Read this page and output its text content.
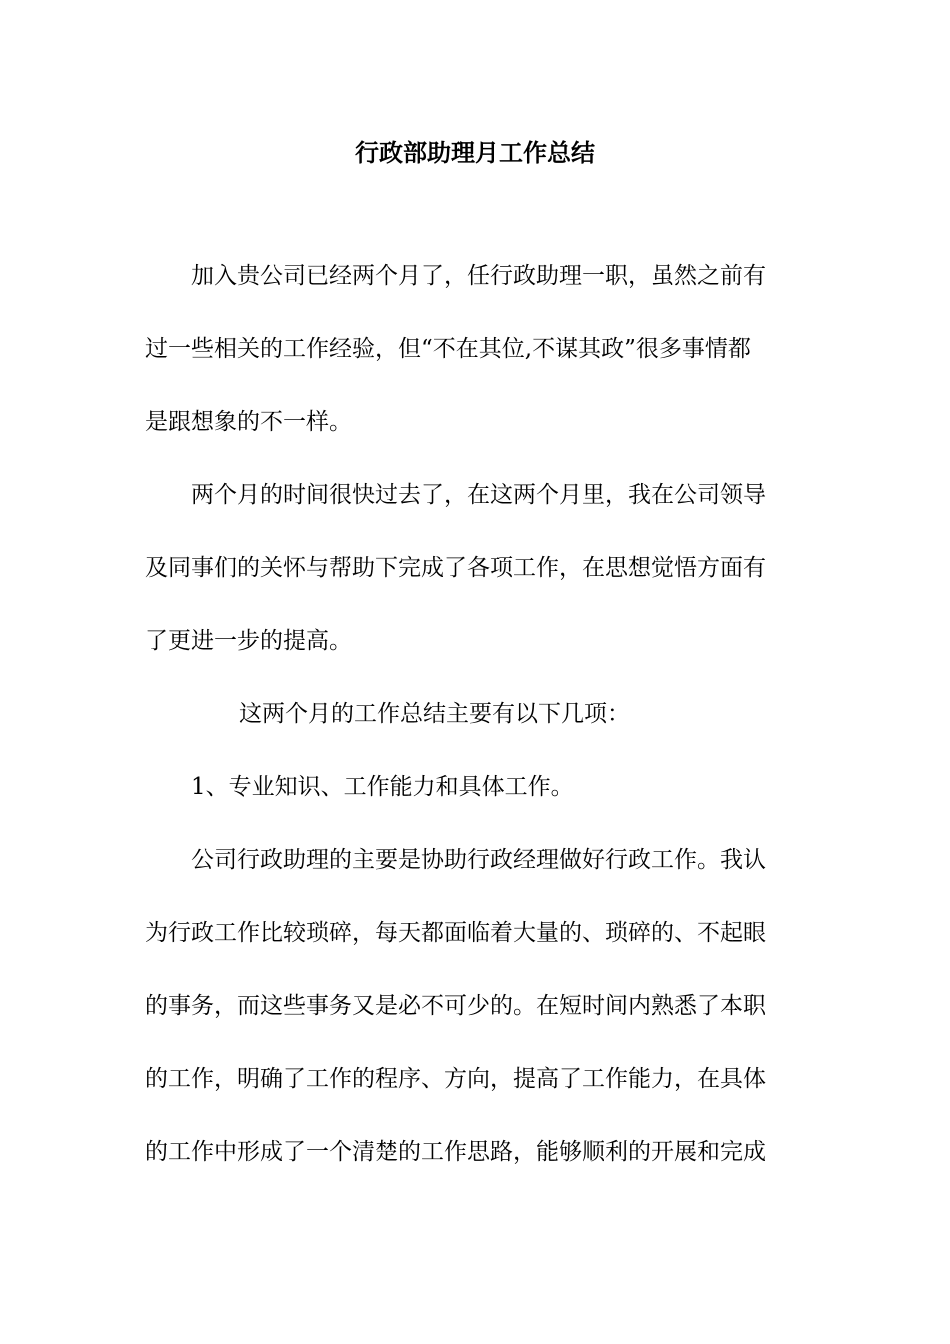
行政部助理月工作总结
加入贵公司已经两个月了，任行政助理一职，虽然之前有
过一些相关的工作经验，但“不在其位,不谋其政”很多事情都
是跟想象的不一样。
两个月的时间很快过去了，在这两个月里，我在公司领导
及同事们的关怀与帮助下完成了各项工作，在思想觉悟方面有
了更进一步的提高。
这两个月的工作总结主要有以下几项：
1、专业知识、工作能力和具体工作。
公司行政助理的主要是协助行政经理做好行政工作。我认
为行政工作比较琐碎，每天都面临着大量的、琐碎的、不起眼
的事务，而这些事务又是必不可少的。在短时间内熟悉了本职
的工作，明确了工作的程序、方向，提高了工作能力，在具体
的工作中形成了一个清楚的工作思路，能够顺利的开展和完成
